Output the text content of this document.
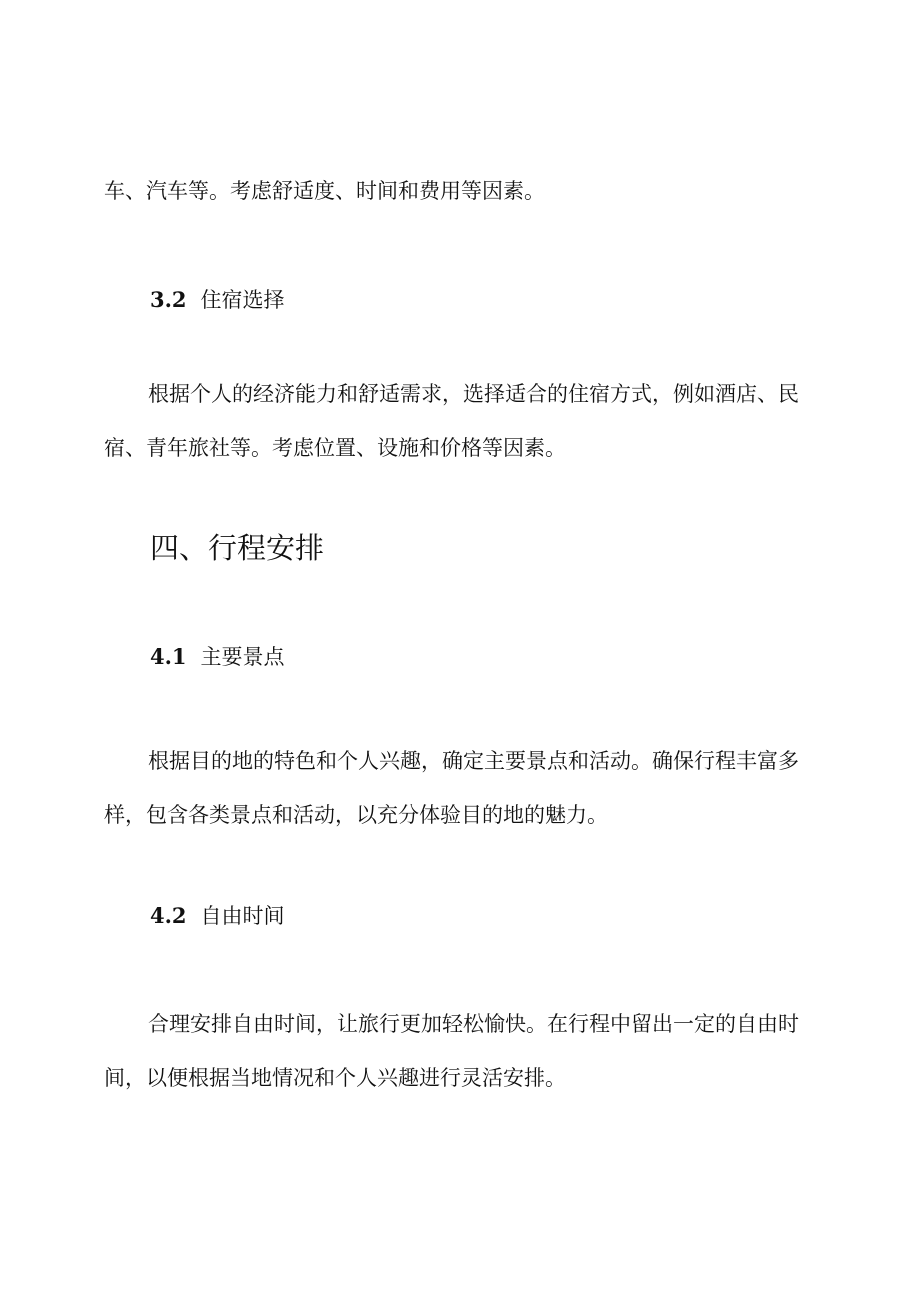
车、汽车等。考虑舒适度、时间和费用等因素。

3.2 住宿选择

根据个人的经济能力和舒适需求，选择适合的住宿方式，例如酒店、民宿、青年旅社等。考虑位置、设施和价格等因素。

四、行程安排
4.1 主要景点

根据目的地的特色和个人兴趣，确定主要景点和活动。确保行程丰富多样，包含各类景点和活动，以充分体验目的地的魅力。

4.2 自由时间

合理安排自由时间，让旅行更加轻松愉快。在行程中留出一定的自由时间，以便根据当地情况和个人兴趣进行灵活安排。
